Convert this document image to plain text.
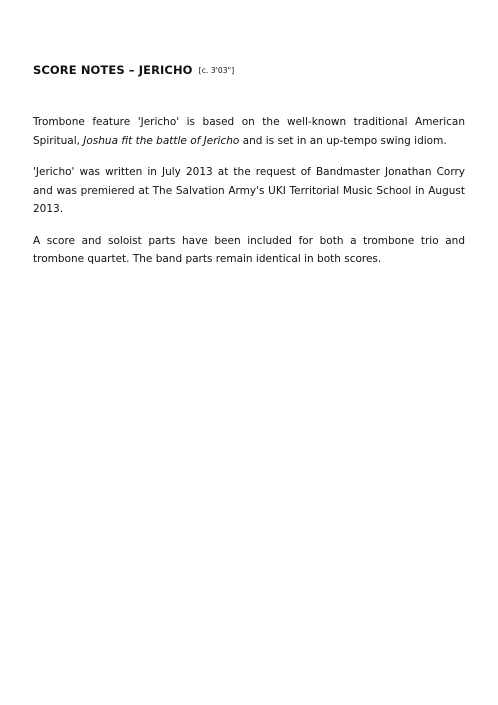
SCORE NOTES – JERICHO [c. 3'03"]

Trombone feature 'Jericho' is based on the well-known traditional American Spiritual, Joshua fit the battle of Jericho and is set in an up-tempo swing idiom.

'Jericho' was written in July 2013 at the request of Bandmaster Jonathan Corry and was premiered at The Salvation Army's UKI Territorial Music School in August 2013.

A score and soloist parts have been included for both a trombone trio and trombone quartet. The band parts remain identical in both scores.
